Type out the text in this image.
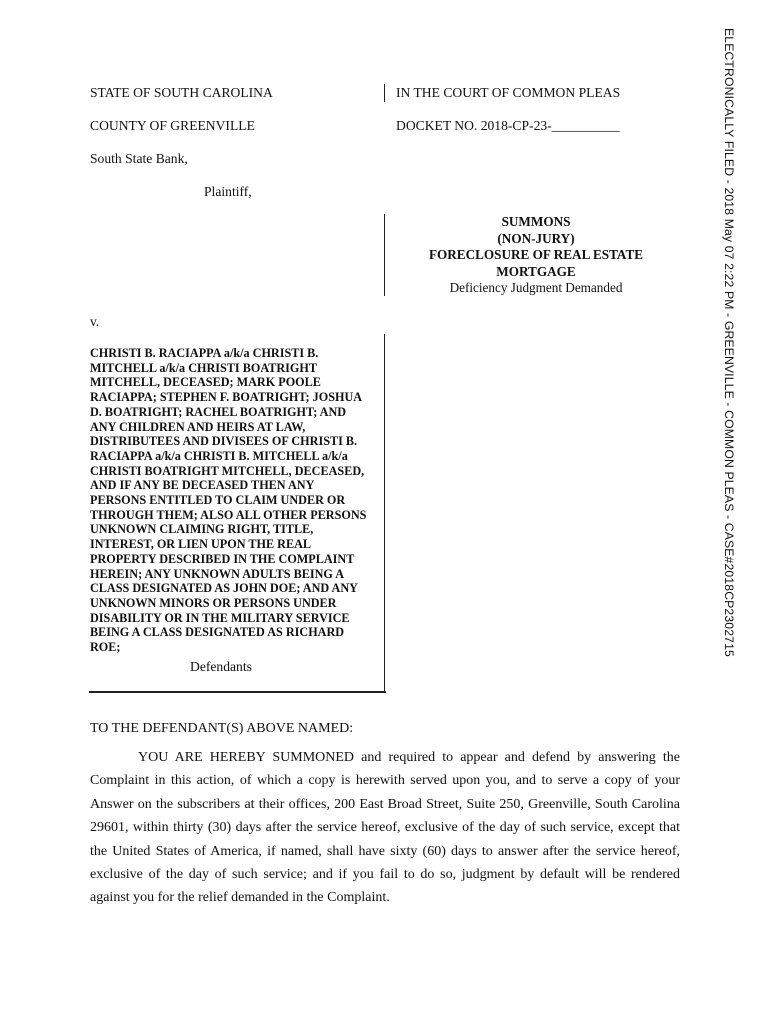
STATE OF SOUTH CAROLINA
COUNTY OF GREENVILLE
South State Bank,
Plaintiff,
v.
CHRISTI B. RACIAPPA a/k/a CHRISTI B.
MITCHELL a/k/a CHRISTI BOATRIGHT
MITCHELL, DECEASED; MARK POOLE
RACIAPPA; STEPHEN F. BOATRIGHT; JOSHUA
D. BOATRIGHT; RACHEL BOATRIGHT; AND
ANY CHILDREN AND HEIRS AT LAW,
DISTRIBUTEES AND DIVISEES OF CHRISTI B.
RACIAPPA a/k/a CHRISTI B. MITCHELL a/k/a
CHRISTI BOATRIGHT MITCHELL, DECEASED,
AND IF ANY BE DECEASED THEN ANY
PERSONS ENTITLED TO CLAIM UNDER OR
THROUGH THEM; ALSO ALL OTHER PERSONS
UNKNOWN CLAIMING RIGHT, TITLE,
INTEREST, OR LIEN UPON THE REAL
PROPERTY DESCRIBED IN THE COMPLAINT
HEREIN; ANY UNKNOWN ADULTS BEING A
CLASS DESIGNATED AS JOHN DOE; AND ANY
UNKNOWN MINORS OR PERSONS UNDER
DISABILITY OR IN THE MILITARY SERVICE
BEING A CLASS DESIGNATED AS RICHARD
ROE;
Defendants
IN THE COURT OF COMMON PLEAS
DOCKET NO. 2018-CP-23-__________
SUMMONS
(NON-JURY)
FORECLOSURE OF REAL ESTATE
MORTGAGE
Deficiency Judgment Demanded
TO THE DEFENDANT(S) ABOVE NAMED:
YOU ARE HEREBY SUMMONED and required to appear and defend by answering the Complaint in this action, of which a copy is herewith served upon you, and to serve a copy of your Answer on the subscribers at their offices, 200 East Broad Street, Suite 250, Greenville, South Carolina 29601, within thirty (30) days after the service hereof, exclusive of the day of such service, except that the United States of America, if named, shall have sixty (60) days to answer after the service hereof, exclusive of the day of such service; and if you fail to do so, judgment by default will be rendered against you for the relief demanded in the Complaint.
ELECTRONICALLY FILED - 2018 May 07 2:22 PM - GREENVILLE - COMMON PLEAS - CASE#2018CP2302715
